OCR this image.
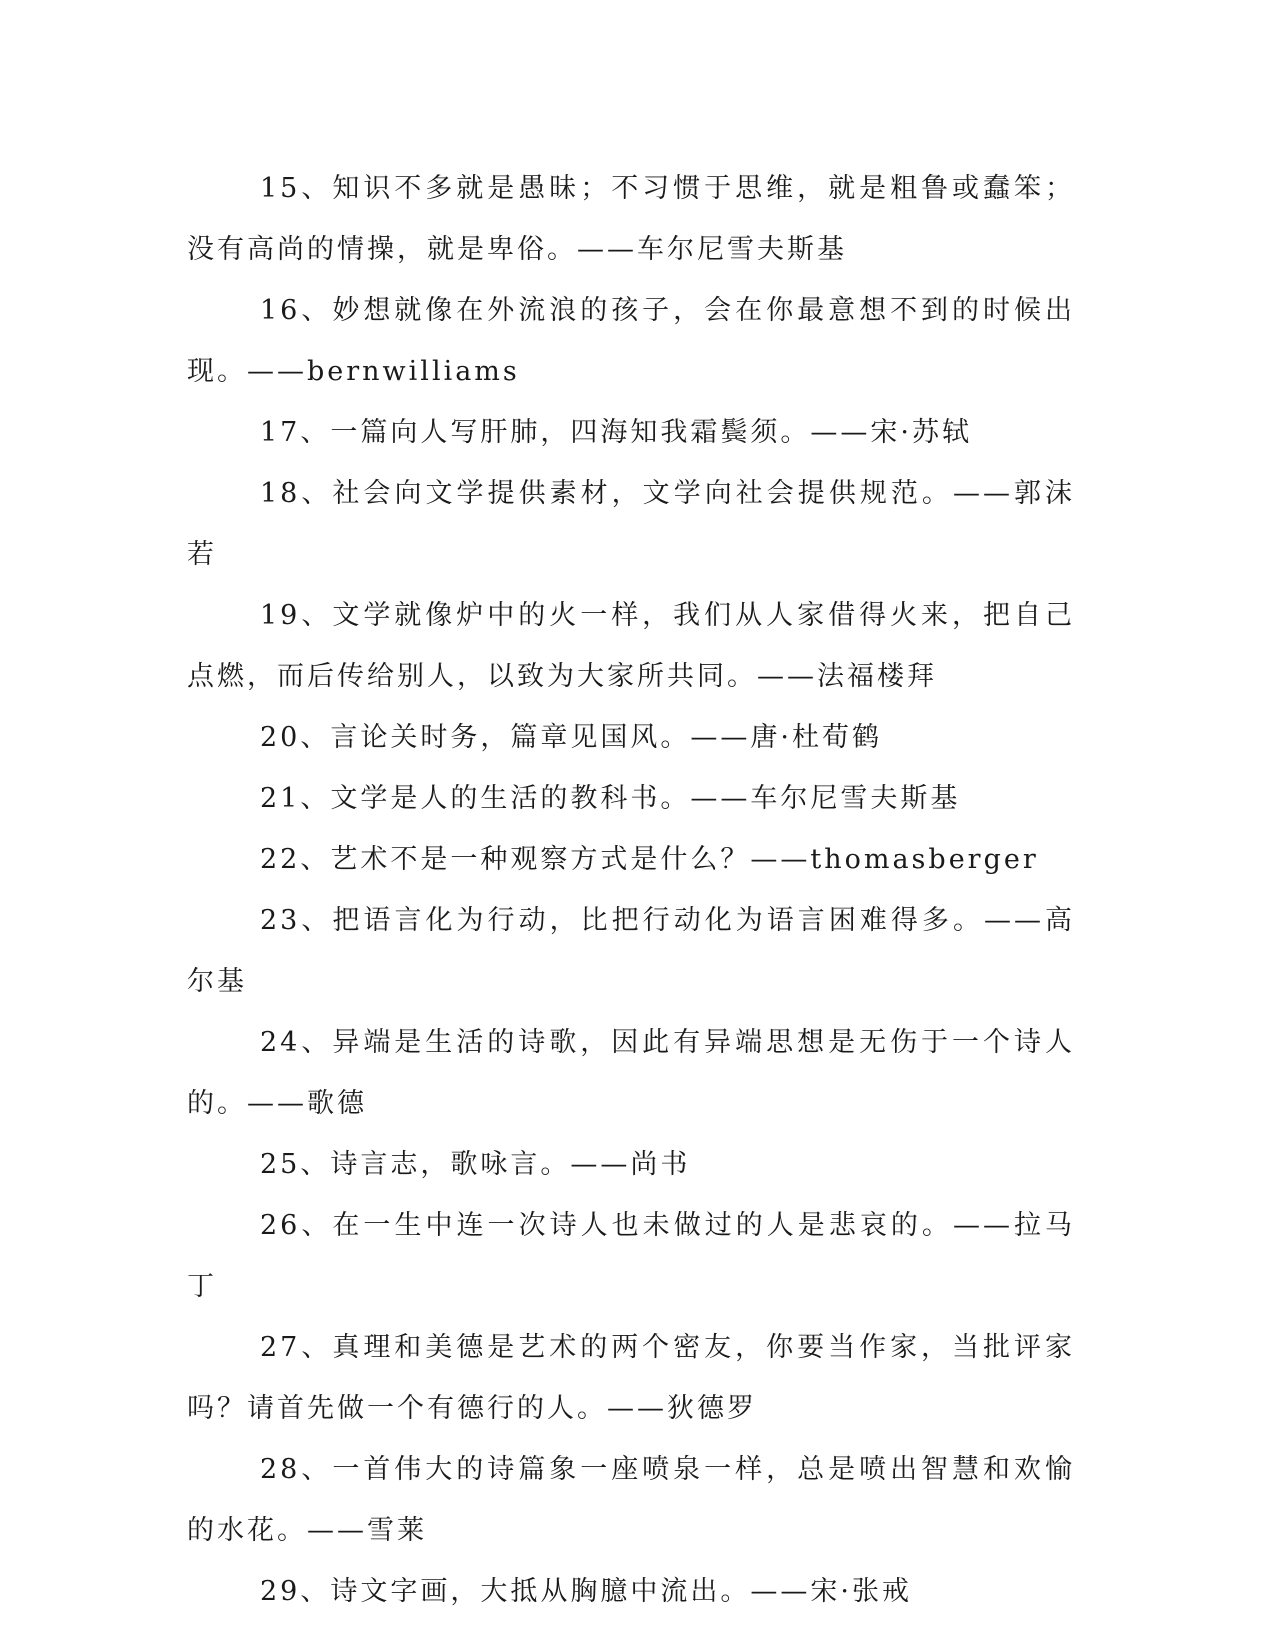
15、知识不多就是愚昧；不习惯于思维，就是粗鲁或蠢笨；没有高尚的情操，就是卑俗。——车尔尼雪夫斯基

16、妙想就像在外流浪的孩子，会在你最意想不到的时候出现。——bernwilliams

17、一篇向人写肝肺，四海知我霜鬓须。——宋·苏轼

18、社会向文学提供素材，文学向社会提供规范。——郭沫若

19、文学就像炉中的火一样，我们从人家借得火来，把自己点燃，而后传给别人，以致为大家所共同。——法福楼拜

20、言论关时务，篇章见国风。——唐·杜荀鹤

21、文学是人的生活的教科书。——车尔尼雪夫斯基

22、艺术不是一种观察方式是什么？——thomasberger

23、把语言化为行动，比把行动化为语言困难得多。——高尔基

24、异端是生活的诗歌，因此有异端思想是无伤于一个诗人的。——歌德

25、诗言志，歌咏言。——尚书

26、在一生中连一次诗人也未做过的人是悲哀的。——拉马丁

27、真理和美德是艺术的两个密友，你要当作家，当批评家吗？请首先做一个有德行的人。——狄德罗

28、一首伟大的诗篇象一座喷泉一样，总是喷出智慧和欢愉的水花。——雪莱

29、诗文字画，大抵从胸臆中流出。——宋·张戒
